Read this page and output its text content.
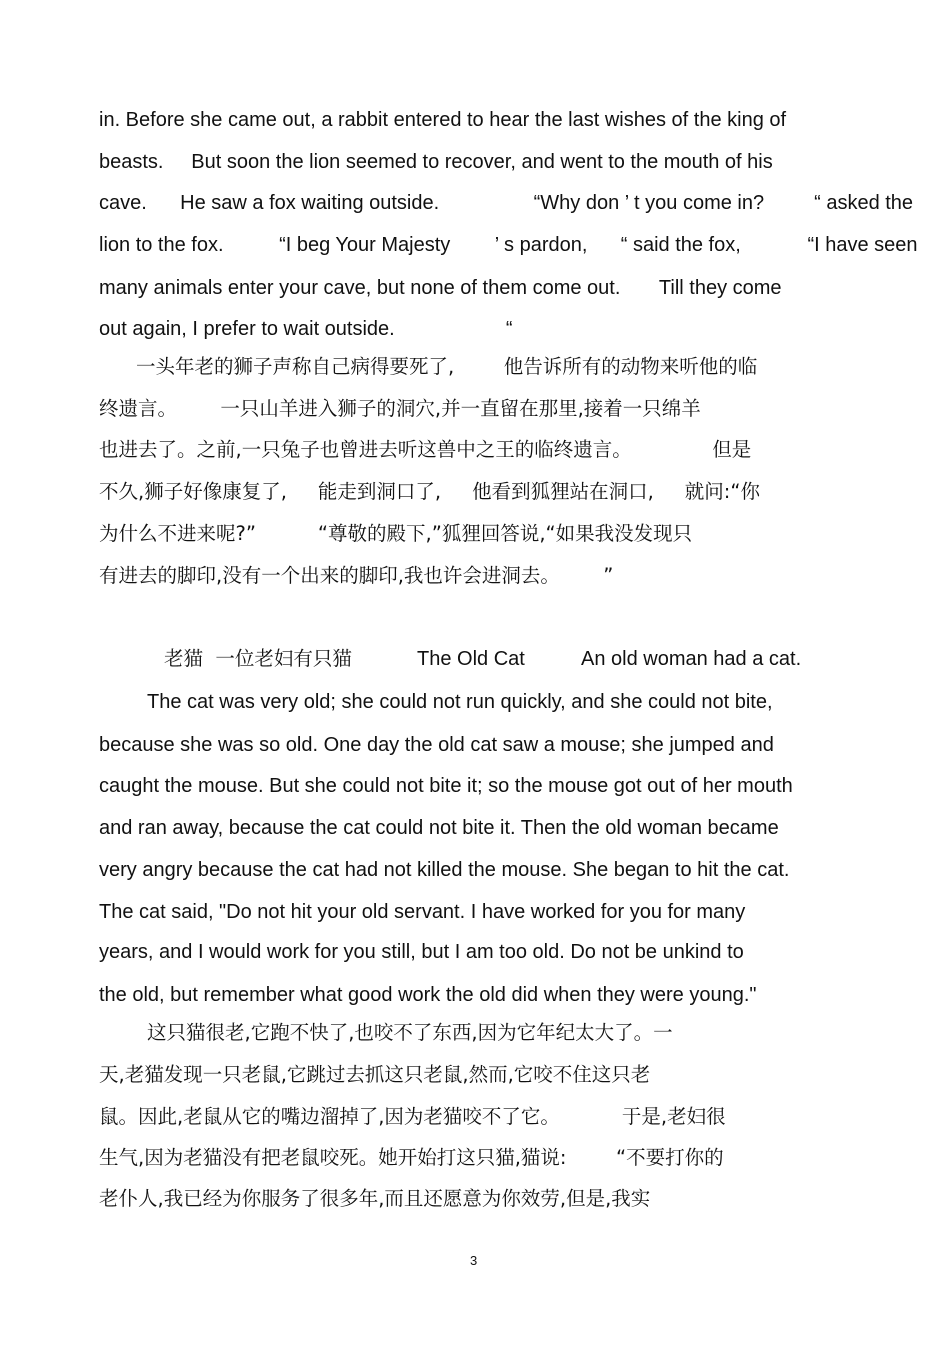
in. Before she came out, a rabbit entered to hear the last wishes of the king of
beasts.     But soon the lion seemed to recover, and went to the mouth of his
cave.      He saw a fox waiting outside.                 “Why don ’ t you come in?         “ asked the
lion to the fox.          “I beg Your Majesty        ’ s pardon,      “ said the fox,            “I have seen
many animals enter your cave, but none of them come out.       Till they come
out again, I prefer to wait outside.                    “
一头年老的狮子声称自己病得要死了,        他告诉所有的动物来听他的临
终遗言。       一只山羊进入狮子的洞穴,并一直留在那里,接着一只绵羊
也进去了。之前,一只兔子也曾进去听这兽中之王的临终遗言。             但是
不久,狮子好像康复了,     能走到洞口了,     他看到狐狸站在洞口,     就问:“你
为什么不进来呢?”          “尊敬的殿下,”狐狸回答说,“如果我没发现只
有进去的脚印,没有一个出来的脚印,我也许会进洞去。       ”
老猫  一位老妇有只猫	The Old Cat	An old woman had a cat.
The cat was very old; she could not run quickly, and she could not bite,
because she was so old. One day the old cat saw a mouse; she jumped and
caught the mouse. But she could not bite it; so the mouse got out of her mouth
and ran away, because the cat could not bite it. Then the old woman became
very angry because the cat had not killed the mouse. She began to hit the cat.
The cat said, "Do not hit your old servant. I have worked for you for many
years, and I would work for you still, but I am too old. Do not be unkind to
the old, but remember what good work the old did when they were young."
这只猫很老,它跑不快了,也咬不了东西,因为它年纪太大了。一
天,老猫发现一只老鼠,它跳过去抓这只老鼠,然而,它咬不住这只老
鼠。因此,老鼠从它的嘴边溜掉了,因为老猫咬不了它。          于是,老妇很
生气,因为老猫没有把老鼠咬死。她开始打这只猫,猫说:        “不要打你的
老仆人,我已经为你服务了很多年,而且还愿意为你效劳,但是,我实
3
